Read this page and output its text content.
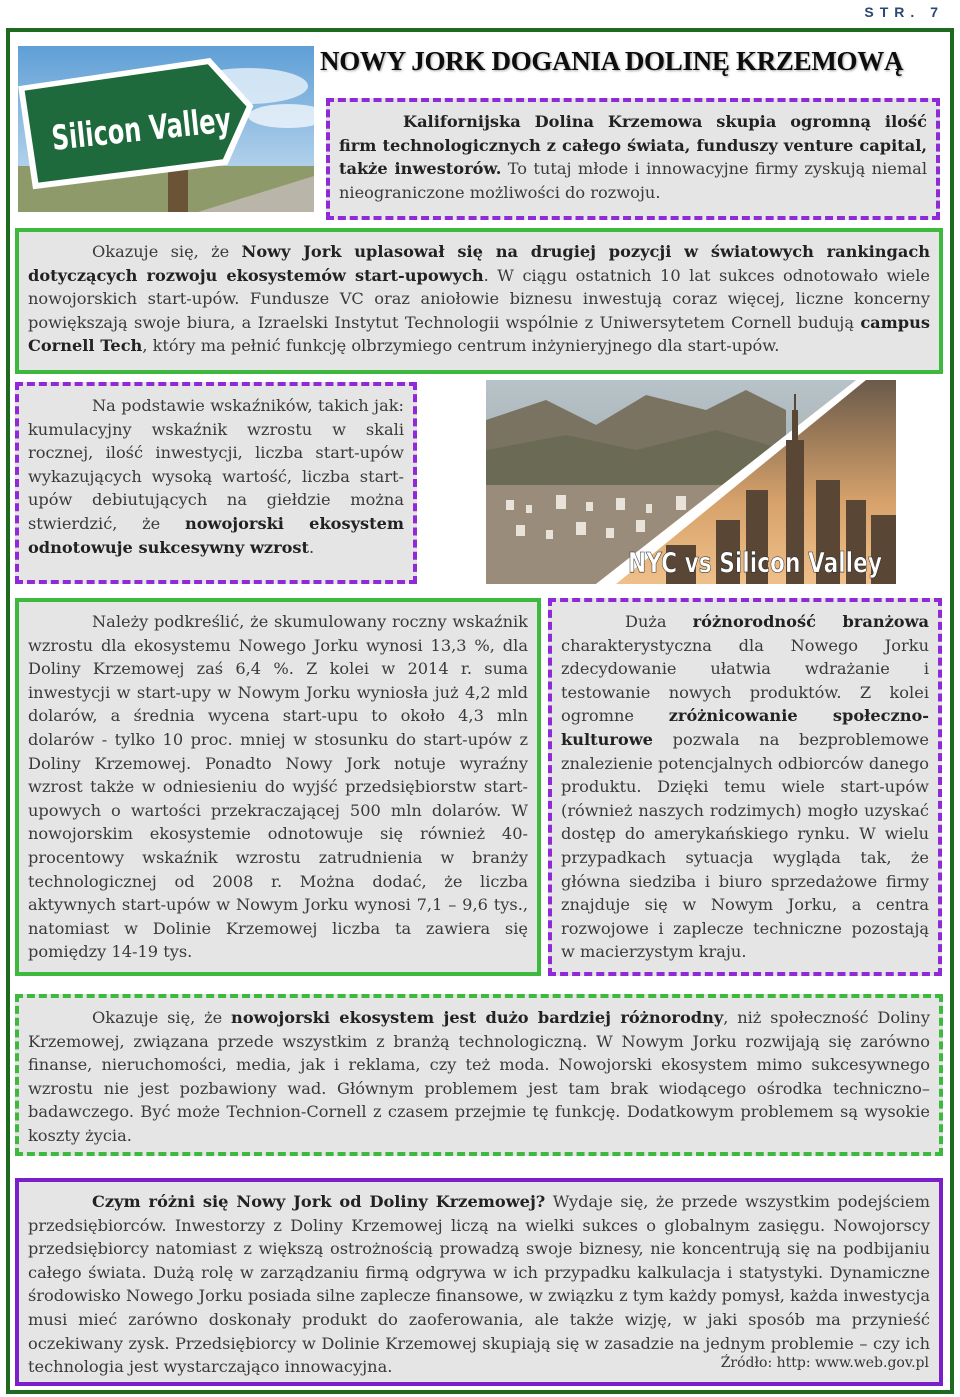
STR. 7
Silicon Valley
NOWY JORK DOGANIA DOLINĘ KRZEMOWĄ

Kalifornijska Dolina Krzemowa skupia ogromną ilość firm technologicznych z całego świata, funduszy venture capital, także inwestorów. To tutaj młode i innowacyjne firmy zyskują niemal nieograniczone możliwości do rozwoju.

Okazuje się, że Nowy Jork uplasował się na drugiej pozycji w światowych rankingach dotyczących rozwoju ekosystemów start-upowych. W ciągu ostatnich 10 lat sukces odnotowało wiele nowojorskich start-upów. Fundusze VC oraz aniołowie biznesu inwestują coraz więcej, liczne koncerny powiększają swoje biura, a Izraelski Instytut Technologii wspólnie z Uniwersytetem Cornell budują campus Cornell Tech, który ma pełnić funkcję olbrzymiego centrum inżynieryjnego dla start-upów.

Na podstawie wskaźników, takich jak: kumulacyjny wskaźnik wzrostu w skali rocznej, ilość inwestycji, liczba start-upów wykazujących wysoką wartość, liczba start-upów debiutujących na giełdzie można stwierdzić, że nowojorski ekosystem odnotowuje sukcesywny wzrost.	NYC vs Silicon Valley

Należy podkreślić, że skumulowany roczny wskaźnik wzrostu dla ekosystemu Nowego Jorku wynosi 13,3 %, dla Doliny Krzemowej zaś 6,4 %. Z kolei w 2014 r. suma inwestycji w start-upy w Nowym Jorku wyniosła już 4,2 mld dolarów, a średnia wycena start-upu to około 4,3 mln dolarów - tylko 10 proc. mniej w stosunku do start-upów z Doliny Krzemowej. Ponadto Nowy Jork notuje wyraźny wzrost także w odniesieniu do wyjść przedsiębiorstw start-upowych o wartości przekraczającej 500 mln dolarów. W nowojorskim ekosystemie odnotowuje się również 40-procentowy wskaźnik wzrostu zatrudnienia w branży technologicznej od 2008 r. Można dodać, że liczba aktywnych start-upów w Nowym Jorku wynosi 7,1 – 9,6 tys., natomiast w Dolinie Krzemowej liczba ta zawiera się pomiędzy 14-19 tys.

Duża różnorodność branżowa charakterystyczna dla Nowego Jorku zdecydowanie ułatwia wdrażanie i testowanie nowych produktów. Z kolei ogromne zróżnicowanie społeczno-kulturowe pozwala na bezproblemowe znalezienie potencjalnych odbiorców danego produktu. Dzięki temu wiele start-upów (również naszych rodzimych) mogło uzyskać dostęp do amerykańskiego rynku. W wielu przypadkach sytuacja wygląda tak, że główna siedziba i biuro sprzedażowe firmy znajduje się w Nowym Jorku, a centra rozwojowe i zaplecze techniczne pozostają w macierzystym kraju.

Okazuje się, że nowojorski ekosystem jest dużo bardziej różnorodny, niż społeczność Doliny Krzemowej, związana przede wszystkim z branżą technologiczną. W Nowym Jorku rozwijają się zarówno finanse, nieruchomości, media, jak i reklama, czy też moda. Nowojorski ekosystem mimo sukcesywnego wzrostu nie jest pozbawiony wad. Głównym problemem jest tam brak wiodącego ośrodka techniczno–badawczego. Być może Technion-Cornell z czasem przejmie tę funkcję. Dodatkowym problemem są wysokie koszty życia.

Czym różni się Nowy Jork od Doliny Krzemowej? Wydaje się, że przede wszystkim podejściem przedsiębiorców. Inwestorzy z Doliny Krzemowej liczą na wielki sukces o globalnym zasięgu. Nowojorscy przedsiębiorcy natomiast z większą ostrożnością prowadzą swoje biznesy, nie koncentrują się na podbijaniu całego świata. Dużą rolę w zarządzaniu firmą odgrywa w ich przypadku kalkulacja i statystyki. Dynamiczne środowisko Nowego Jorku posiada silne zaplecze finansowe, w związku z tym każdy pomysł, każda inwestycja musi mieć zarówno doskonały produkt do zaoferowania, ale także wizję, w jaki sposób ma przynieść oczekiwany zysk. Przedsiębiorcy w Dolinie Krzemowej skupiają się w zasadzie na jednym problemie – czy ich technologia jest wystarczająco innowacyjna.	Źródło: http: www.web.gov.pl
